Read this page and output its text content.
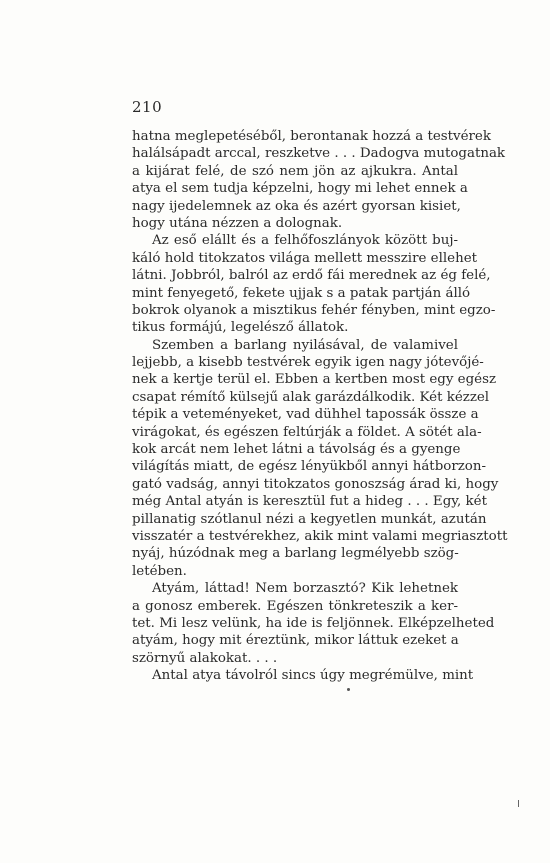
210
hatna meglepetéséből, berontanak hozzá a testvérek
halálsápadt arccal, reszketve . . . Dadogva mutogatnak
a kijárat felé, de szó nem jön az ajkukra. Antal
atya el sem tudja képzelni, hogy mi lehet ennek a
nagy ijedelemnek az oka és azért gyorsan kisiet,
hogy utána nézzen a dolognak.
Az eső elállt és a felhőfoszlányok között buj-
káló hold titokzatos világa mellett messzire ellehet
látni. Jobbról, balról az erdő fái merednek az ég felé,
mint fenyegető, fekete ujjak s a patak partján álló
bokrok olyanok a misztikus fehér fényben, mint egzo-
tikus formájú, legelésző állatok.
Szemben a barlang nyilásával, de valamivel
lejjebb, a kisebb testvérek egyik igen nagy jótevőjé-
nek a kertje terül el. Ebben a kertben most egy egész
csapat rémítő külsejű alak garázdálkodik. Két kézzel
tépik a veteményeket, vad dühhel tapossák össze a
virágokat, és egészen feltúrják a földet. A sötét ala-
kok arcát nem lehet látni a távolság és a gyenge
világítás miatt, de egész lényükből annyi hátborzon-
gató vadság, annyi titokzatos gonoszság árad ki, hogy
még Antal atyán is keresztül fut a hideg . . . Egy, két
pillanatig szótlanul nézi a kegyetlen munkát, azután
visszatér a testvérekhez, akik mint valami megriasztott
nyáj, húzódnak meg a barlang legmélyebb szög-
letében.
Atyám, láttad! Nem borzasztó? Kik lehetnek
a gonosz emberek. Egészen tönkreteszik a ker-
tet. Mi lesz velünk, ha ide is feljönnek. Elképzelheted
atyám, hogy mit éreztünk, mikor láttuk ezeket a
szörnyű alakokat. . . .
Antal atya távolról sincs úgy megrémülve, mint
